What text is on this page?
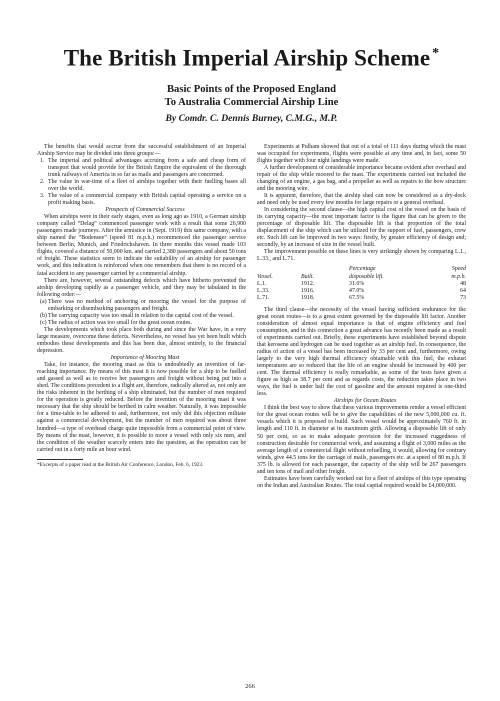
The British Imperial Airship Scheme *
Basic Points of the Proposed England
To Australia Commercial Airship Line
By Comdr. C. Dennis Burney, C.M.G., M.P.

The benefits that would accrue from the successful establishment of an Imperial Airship Service may be divided into three groups:—

1. The imperial and political advantages accruing from a safe and cheap form of transport that would provide for the British Empire the equivalent of the thorough trunk railways of America in so far as mails and passengers are concerned.
2. The value in war-time of a fleet of airships together with their fuelling bases all over the world.
3. The value of a commercial company with British capital operating a service on a profit making basis.

Prospects of Commercial Success

When airships were in their early stages, even as long ago as 1910, a German airship company called “Delag” commenced passenger work with a result that some 26,900 passengers made journeys. After the armistice in (Sept. 1919) this same company, with a ship named the “Bodensee” (speed 81 m.p.h.) recommenced the passenger service between Berlin, Munich, and Friedrichshaven. In three months this vessel made 103 flights, covered a distance of 50,000 km. and carried 2,380 passengers and about 50 tons of freight. These statistics seem to indicate the suitability of an airship for passenger work, and this indication is reinforced when one remembers that there is no record of a fatal accident to any passenger carried by a commercial airship.

There are, however, several outstanding defects which have hitherto prevented the airship developing rapidly as a passenger vehicle, and they may be tabulated in the following order:—

(a) There was no method of anchoring or mooring the vessel for the purpose of embarking or disembarking passengers and freight.
(b) The carrying capacity was too small in relation to the capital cost of the vessel.
(c) The radius of action was too small for the great ocean routes.

The developments which took place both during and since the War have, in a very large measure, overcome these defects. Nevertheless, no vessel has yet been built which embodies these developments and this has been due, almost entirely, to the financial depression.

Importance of Mooring Mast

Take, for instance, the mooring mast as this is undoubtedly an invention of far-reaching importance. By means of this mast it is now possible for a ship to be fuelled and gassed as well as to receive her passengers and freight without being put into a shed. The conditions precedent to a flight are, therefore, radically altered as, not only are the risks inherent in the berthing of a ship eliminated, but the number of men required for the operation is greatly reduced. Before the invention of the mooring mast it was necessary that the ship should be berthed in calm weather. Naturally, it was impossible for a time-table to be adhered to and, furthermore, not only did this objection militate against a commercial development, but the number of men required was about three hundred—a type of overhead charge quite impossible from a commercial point of view. By means of the mast, however, it is possible to moor a vessel with only six men, and the condition of the weather scarcely enters into the question, as the operation can be carried out in a forty mile an hour wind.

*Excerpts of a paper read at the British Air Conference, London, Feb. 6, 1923.

Experiments at Pulham showed that out of a total of 111 days during which the mast was occupied for experiments, flights were possible at any time and, in fact, some 50 flights together with four night landings were made.

A further development of considerable importance became evident after overhaul and repair of the ship while moored to the mast. The experiments carried out included the changing of an engine, a gas bag, and a propeller as well as repairs to the bow structure and the mooring wire.

It is apparent, therefore, that the airship shed can now be considered as a dry-dock and need only be used every few months for large repairs or a general overhaul.

In considering the second clause—the high capital cost of the vessel on the basis of its carrying capacity—the most important factor is the figure that can be given to the percentage of disposable lift. The disposable lift is that proportion of the total displacement of the ship which can be utilized for the support of fuel, passengers, crew etc. Such lift can be improved in two ways: firstly, by greater efficiency of design and; secondly, by an increase of size in the vessel built.

The improvement possible on these lines is very strikingly shown by comparing L.1., L.33., and L.71.

Percentage	Speed
Vessel.	Built.	disposable lift.	m.p.h.
L.1.	1912.	31.6%	48
L.33.	1916.	47.0%	64
L.71.	1918.	67.5%	73

The third clause—the necessity of the vessel having sufficient endurance for the great ocean routes—is to a great extent governed by the disposable lift factor. Another consideration of almost equal importance is that of engine efficiency and fuel consumption, and in this connection a great advance has recently been made as a result of experiments carried out. Briefly, these experiments have established beyond dispute that kerosene and hydrogen can be used together as an airship fuel. In consequence, the radius of action of a vessel has been increased by 33 per cent and, furthermore, owing largely to the very high thermal efficiency obtainable with this fuel, the exhaust temperatures are so reduced that the life of an engine should be increased by 400 per cent. The thermal efficiency is really remarkable, as some of the tests have given a figure as high as 38.7 per cent and as regards costs, the reduction takes place in two ways, the fuel is under half the cost of gasoline and the amount required is one-third less.

Airships for Ocean Routes

I think the best way to show that these various improvements render a vessel efficient for the great ocean routes will be to give the capabilities of the new 5,000,000 cu. ft. vessels which it is proposed to build. Such vessel would be approximately 760 ft. in length and 110 ft. in diameter at its maximum girth. Allowing a disposable lift of only 50 per cent, so as to make adequate provision for the increased ruggedness of construction desirable for commercial work, and assuming a flight of 3,000 miles as the average length of a commercial flight without refuelling, it would, allowing for contrary winds, give 44.5 tons for the carriage of mails, passengers etc. at a speed of 80 m.p.h. If 375 lb. is allowed for each passenger, the capacity of the ship will be 267 passengers and ten tons of mail and other freight.

Estimates have been carefully worked out for a fleet of airships of this type operating on the Indian and Australian Routes. The total capital required would be £4,000,000.

266
